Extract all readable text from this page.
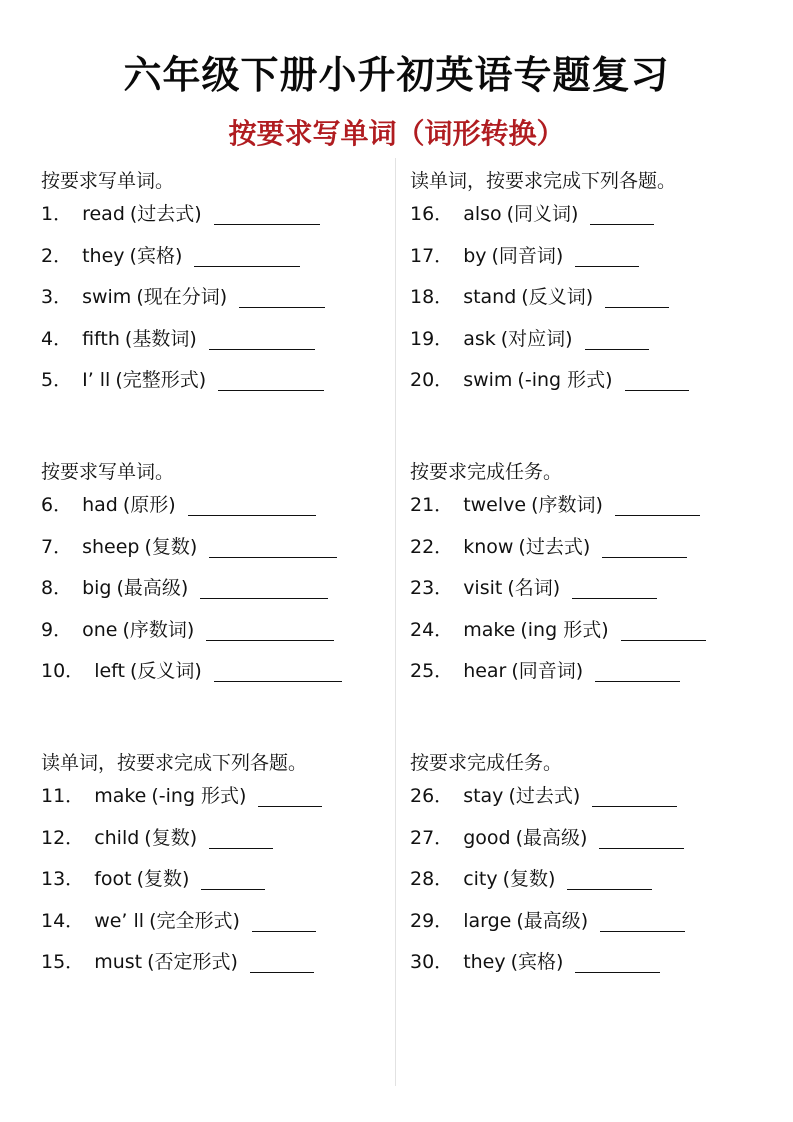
六年级下册小升初英语专题复习
按要求写单词（词形转换）
按要求写单词。
1． read (过去式)
2． they (宾格)
3． swim (现在分词)
4． fifth (基数词)
5． I’ ll (完整形式)
按要求写单词。
6． had (原形)
7． sheep (复数)
8． big (最高级)
9． one (序数词)
10． left (反义词)
读单词，按要求完成下列各题。
11． make (-ing 形式)
12． child (复数)
13． foot (复数)
14． we’ ll (完全形式)
15． must (否定形式)
读单词，按要求完成下列各题。
16． also (同义词)
17． by (同音词)
18． stand (反义词)
19． ask (对应词)
20． swim (-ing 形式)
按要求完成任务。
21． twelve (序数词)
22． know (过去式)
23． visit (名词)
24． make (ing 形式)
25． hear (同音词)
按要求完成任务。
26． stay (过去式)
27． good (最高级)
28． city (复数)
29． large (最高级)
30． they (宾格)
